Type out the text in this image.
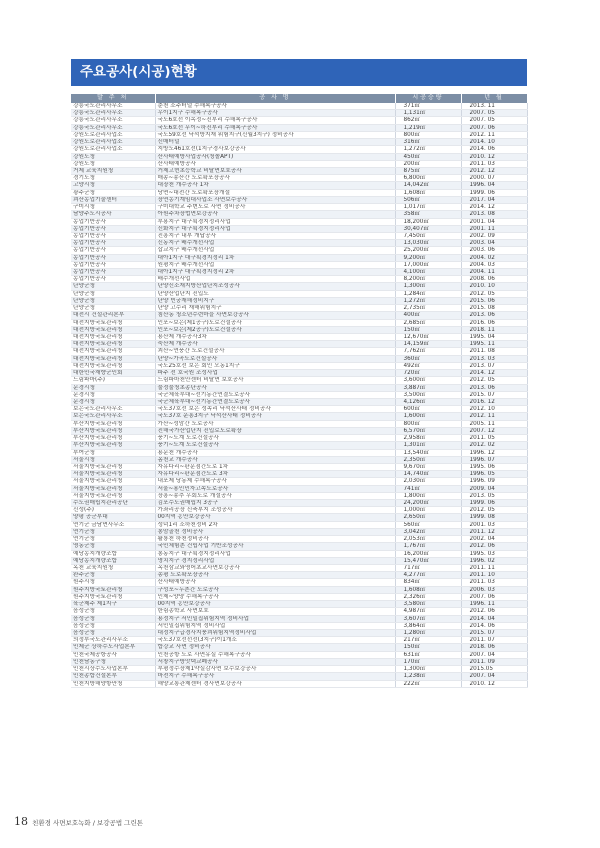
주요공사(시공)현황
발 주 처	공 사 명	시공승량	년 월
강릉국도관리사무소	춘천 소주터널 수해복구공사	371㎡	2013. 11
강릉국도관리사무소	우이1지구 수해복구공사	1,131㎡	2007. 05
강릉국도관리사무소	국도6호선 이목정~진부리 수해복구공사	862㎡	2007. 05
강릉국도관리사무소	국도6호선 무이~하진부리 수해복구공사	1,219㎡	2007. 06
강원도로관리사업소	국도59호선 낙석방지재 위험지구(신월3지구) 정비공사	800㎡	2012. 11
강원도로관리사업소	신매터널	316㎡	2014. 10
강원도로관리사업소	지방도461호선(1지구경사보강공사	1,272㎡	2014. 06
강원도청	산사태예방사업공사(청솔APT)	450㎡	2010. 12
강원도청	산사태예방공사	200㎡	2011. 03
거제 교육지원청	거제고현초등학교 비탈면보호공사	875㎡	2012. 12
경기도청	매송~송산간 도로확포장공사	6,800㎡	2000. 07
고양시청	대장천 개수공사 1차	14,042㎡	1996. 04
광주군청	당면~대전간 도로확포장개설	1,608㎡	1999. 06
괴산농업기술센터	장연농기계임대사업소 사면보수공사	506㎡	2017. 04
구미시청	구미대학교 주변도로 사면 정비공사	1,017㎡	2014. 12
남양주도시공사	아원주차장법면보강공사	358㎡	2013. 08
농업기반공사	부용지구 대구획경지정리사업	18,200㎡	2001. 04
농업기반공사	신화지구 대구획경지정리사업	30,407㎡	2001. 11
농업기반공사	진흥지구 내부 개답공사	7,450㎡	2002. 09
농업기반공사	신동지구 배수개선사업	13,030㎡	2003. 04
농업기반공사	삽교지구 배수개선사업	25,200㎡	2003. 06
농업기반공사	대아1지구 대구획경지정리 1차	9,200㎡	2004. 02
농업기반공사	원평지구 배수개선사업	17,000㎡	2004. 03
농업기반공사	대아1지구 대구획경지정리 2차	4,100㎡	2004. 11
농업기반공사	배수개선사업	8,200㎡	2008. 06
단양군청	단양신소재지방산업단지조성공사	1,300㎡	2010. 10
단양군청	단양산업단지 진입도	1,284㎡	2012. 05
단양군청	단양 빈궁재해정비지구	1,272㎡	2015. 06
단양군청	단양 고수리 재해위험지구	2,735㎡	2015. 08
대전시 건설관리본부	침산동 청소년수련마을 사면보강공사	400㎡	2013. 06
대전지방국토관리청	인포~보은(제1공구)도로건설공사	2,685㎡	2016. 06
대전지방국토관리청	인포~보은(제2공구)도로건설공사	150㎡	2018. 11
대전지방국토관리청	용산제 개수공사3차	12,670㎡	1995. 04
대전지방국토관리청	죽산제 개수공사	14,159㎡	1995. 11
대전지방국토관리청	괴산~연풍간 도로건설공사	7,762㎡	2011. 08
대전지방국토관리청	단양~가곡도로건설공사	360㎡	2013. 03
대전지방국토관리청	국도25호선 보은 회인 오동1지구	492㎡	2013. 07
대한민국재향군인회	파주 전 호국원 조성사업	720㎡	2014. 12
드림파마(주)	드림파마천안센터 비탈면 보호공사	3,600㎡	2012. 05
문경시청	불정불청초종단공사	3,887㎡	2013. 06
문경시청	국군체육부대~선기동간연결도로공사	3,500㎡	2015. 07
문경시청	국군체육부대~선기동간연결도로공사	4,126㎡	2016. 12
보은국도관리사무소	국도37호선 보은 성족리 낙석산사태 정비공사	600㎡	2012. 10
보은국도관리사무소	국도37호 운흥3지구 낙석산사태 정비공사	1,600㎡	2012. 11
부산지방국토관리청	가산~성암간 도로공사	800㎡	2005. 11
부산지방국토관리청	진해국가산업단지 진입로도로확장	6,570㎡	2007. 12
부산지방국토관리청	풍기~도계 도로건설공사	2,958㎡	2011. 05
부산지방국토관리청	풍기~도계 도로건설공사	1,301㎡	2012. 02
부여군청	용문천 개수공사	13,540㎡	1996. 12
서울시청	옴천교 개수공사	2,350㎡	1996. 07
서울지방국토관리청	자유다리~판문점간도로 1차	9,670㎡	1995. 06
서울지방국토관리청	자유다리~판문점간도로 3차	14,740㎡	1996. 05
서울지방국토관리청	내포제 당동제 수해복구공사	2,030㎡	1996. 09
서울지방국토관리청	서울~용인민자고속도로공사	741㎡	2009. 04
서울지방국토관리청	장흥~송추 우회도로 개설공사	1,800㎡	2013. 05
수도권매립지관리공단	김포수도권매립지 3공구	24,200㎡	1999. 06
신성(주)	가좌리공장 신축부지 조성공사	1,000㎡	2012. 05
양평 공군부대	00지역 홍만보강공사	2,650㎡	1999. 08
연기군 금남면사무소	성덕1리 소하천정비 2차	560㎡	2001. 03
연기군청	봉암골천 정비공사	3,042㎡	2011. 12
연기군청	활룡천 하천정비공사	2,053㎡	2002. 04
영동군청	국민체험촌 건립사업 기반조성공사	1,767㎡	2012. 06
예당농지개량조합	봉동지구 대구획경지정리사업	16,200㎡	1995. 03
예당농지개량조합	영치지구 경지정리사업	15,470㎡	1996. 02
옥천 교육지원청	옥천삼교와영어초교사면보강공사	717㎡	2011. 11
완주군청	송평 도로확포장공사	4,277㎡	2011. 10
원주시청	산사태예방공사	834㎡	2011. 03
원주지방국토관리청	구성포~두촌간 도로공사	1,608㎡	2006. 03
원주지방국토관리청	인제~양양 수해복구공사	2,326㎡	2007. 06
육군제주 제1지구	00지역 홍만보강공사	3,580㎡	1996. 11
음성군청	한림종학교 사면보호	4,987㎡	2012. 06
음성군청	용정지구 서민밀집위험지역 정비사업	3,607㎡	2014. 04
음성군청	서민밀집위험지역 정비사업	3,864㎡	2014. 06
음성군청	대정지구급경사지붕괴위험지역정비사업	1,280㎡	2015. 07
의정부국도관리사무소	국도37호선선선(3지구)이1개소	217㎡	2011. 07
인제군 상하수도사업본부	합강교 사면 정비공사	150㎡	2018. 06
인천국제공항공사	인천공항 도로 사면유실 수해복구공사	631㎡	2007. 04
인천남동구청	서창지구방앗택교폐공사	170㎡	2011. 09
인천시상수도사업본부	부평정수장제1약실감사면 보수보강공사	1,300㎡	2015.05
인천종합건설본부	마전지구 수해복구공사	1,238㎡	2007. 04
인천지방해양항만청	해양교통관제센터 경사면보강공사	222㎡	2010. 12
18 친환경 사면보호녹화 / 보강공법 그린톤
